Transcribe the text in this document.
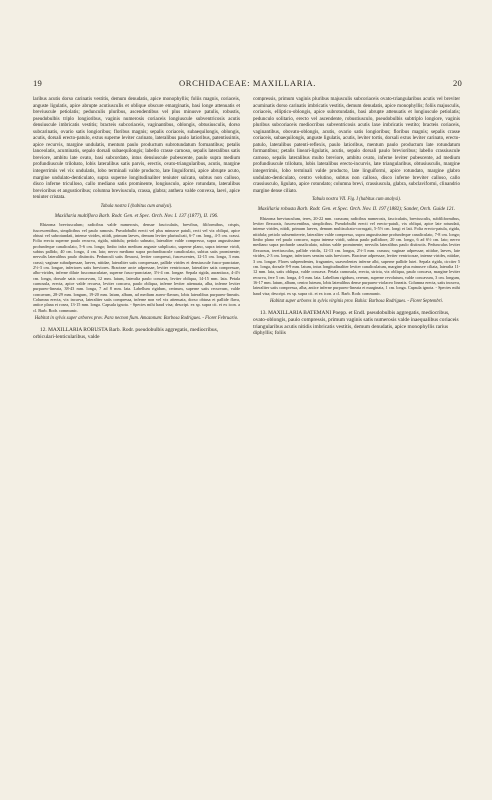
19	ORCHIDACEAE: MAXILLARIA.	20

laribus acutis dorso carinatis vestitis, demum denudatis, apice monophyllis; foliis magnis, coriaceis, anguste ligulatis, apice abrupte acutiuscuIis et oblique obscure emarginatis, basi longe attenuatis et breviuscule petiolatis; pedunculis pluribus, ascendentibus vel plus minusve patulis, robustis, pseudobulbis triplo longioribus, vaginis numerosis coriaceis longiuscule subventricosis acutis densiuscule imbricatis vestitis; bracteis subcoriaceis, vaginantibus, oblongis, obtusiusculis, dorso subcarinatis, ovario satis longioribus; floribus magnis; sepalis coriaceis, subaequilongis, oblongis, acutis, dorsali erecto-patulo, extus superne leviter carinato, lateralibus paulo latioribus, patentissimis, apice recurvis, margine undulatis, mentum paulo productum subrotundatum formantibus; petalis lanceolatis, acuminatis, sepalo dorsali subaequilongis; labello crasse carnoso, sepalis lateralibus satis breviore, ambitu late ovato, basi subcordato, intus densiuscule pubescente, paulo supra medium profundiuscule trilobato, lobis lateralibus satis parvis, erectis, ovato-triangularibus, acutis, margine integerrimis vel vix undulatis, lobo terminali valde producto, late linguiformi, apice abrupte acuto, margine undulato-denticulato, supra superne longitudinaliter teniuter sulcato, subtus non calloso, disco inferne triculloso, callo mediano satis prominente, longiusculo, apice rotundato, lateralibus brevioribus et angustioribus; columna breviuscula, crassa, glabra; anthera valde convexa, laevi, apice teniuter cristata.

Tabula nostra I (habitus cum analysi).

Maxillaria multiflora Barb. Rodr. Gen. et Spec. Orch. Nov. I. 137 (1877), II. 196.

Rhizoma breviusculum; radicibus valde numerosis, densae fasciculatis, brevibus, filiformibus, crispis, fuscescentibus, simplicibus vel paulo ramosis. Pseudobulbi erecti vel plus minusve patuli, recti vel vix obliqui, apice obtusi vel subrotundati, intense virides, nitidi, primum laeves, demum leviter plurisulcati, 6-7 cm. long., 4-5 cm. crassi. Folia erecta superne paulo recurva, rigida, nitidula; petiolo subnato, lateraliter valde compresso, supra angustissime profundeque canaliculato, 5-6 cm. longo; limbo infra medium anguste subplicato, superne plano, supra intense viridi, subtus pallido, 40 cm. longo, 4 cm. lato; nervo mediano supra profundiuscule canaliculato, subtus satis prominente; nervulis lateralibus paulo distinctis. Pedunculi satis flexuosi, leviter compressi, fuscescentes, 12-15 cm. longa, 3 mm. crassi; vaginae subadpressae, laeves, nitidae, lateraliter satis compressae, pallide virides et densiuscule fusco-punctatae, 2½-3 cm. longae, inferiores satis breviores. Bracteae arcte adpressae, leviter ventricosae, lateraliter satis compressae, albo-virides, inferne dilute fuscomaculatae, superne fusco-punctatae, 3½-4 cm. longae. Sepala rigida, aurantiaca, 4-4½ cm. longa, dorsale satis concavum, 12 mm. latum, lateralia paulo concava, leviter obliqua, 14-15 mm. lata. Petala carnosula, erecta, apice valde recurva, leviter concava, paulo obliqua, inferne leviter attenuata, alba, inferne leviter purpureo-lineata, 38-43 mm. longa, 7 ad 8 mm. lata. Labellum rigidum, cerinum, superne satis recurvum, valde concavum, 28-29 mm. longum, 19-20 mm. latum, album, ad medium aureo-flavum, lobis lateralibus purpureo-lineatis. Columna erecta, vix incurva, lateraliter satis compressa, inferne non vel vix attenuata, dorso obtusa et pallide flava, antice plana et rosea, 13-15 mm. longa. Capsula ignota. - Species mihi haud visa; descript. ex sp. supra cit. et ex icon. a cl. Barb. Rodr. communic.

Habitat in sylvis super arbores prov. Para necnon fium. Amazonum: Barbosa Rodrigues. - Floret Februario.

12. MAXILLARIA ROBUSTA Barb. Rodr. pseudobulbis aggregatis, mediocribus, orbiculari-lenticularibus, valde

compressis, primum vaginis pluribus majusculis subcoriaceis ovato-triangularibus acutis vel breviter acuminatis dorso carinatis imbricatis vestitis, demum denudatis, apice monophyllis; foliis majusculis, coriaceis, elliptico-oblongis, apice subrotundatis, basi abrupte attenuatis et longiuscule petiolatis; pedunculo solitario, erecto vel ascendente, robustiusculo, pseudobulbis subtriplo longiore, vaginis pluribus subcoriaceis mediocribus subventricosis acutis laxe imbricatis vestito; bracteis coriaceis, vaginantibus, obovato-oblongis, acutis, ovario satis longioribus; floribus magnis; sepalis crasse coriaceis, subaequilongis, anguste ligulatis, acutis, leviter tortis, dorsali extus leviter carinato, erecto-patulo, lateralibus patenti-reflexis, paulo latioribus, mentum paulo productum late rotundatum formantibus; petalis lineari-ligulatis, acutis, sepalo dorsali paulo brevioribus; labello crassiuscule carnoso, sepalis lateralibus multo breviore, ambitu ovato, inferne leviter pubescente, ad medium profundiuscule trilobato, lobis lateralibus erecto-incurvis, late triangularibus, obtusiusculis, margine integerrimis, lobo terminali valde producto, late linguiformi, apice rotundato, margine glabro undulato-denticulato, centro velutino, subtus non calloso, disco inferne breviter calloso, callo crassiusculo, ligulato, apice rotundato; columna brevi, crassiuscula, glabra, subclaviformi, clinandrio margine dense ciliato.

Tabula nostra VII. Fig. I (habitus cum analysi).

Maxillaria robusta Barb. Rodr. Gen. et Spec. Orch. Nov. II. 197 (1882); Sander, Orch. Guide 121.

Rhizoma breviusculum, teres, 20-22 mm. crassum; radicibus numerosis, fasciculatis, breviusculis, subfiliformibus, leviter flexuosis, fuscescentibus, simplicibus. Pseudobulbi erecti vel erecto-patuli, vix obliqui, apice late rotundati, intense virides, nitidi, primum laeves, demum multisulcato-corrugati, 5-5½ cm. longi et lati. Folia erecto-patula, rigida, nitidula; petiolo subsemiterete, lateraliter valde compresso, supra angustissime profundeque canaliculato, 7-8 cm. longo; limbo plano vel paulo concavo, supra intense viridi, subtus paulo pallidiore, 20 cm. longo, 6 ad 6½ cm. lato; nervo mediano supra profunde canaliculato, subtus valde prominente; nervulis lateralibus paulo distinctis. Pedunculus leviter flexuosus, teretiusculus, pallide viridis, 12-13 cm. longus, 2½-3 mm. crassus; vaginae adpressae, nitidae, laeves, late virides, 2-3 cm. longae, inferiores sensim satis breviores. Bracteae adpressae, leviter ventricosae, intense virides, nitidae, 3 cm. longae. Flores subpendentes, fragrantes, suaveolentes inferne albi, superne pallide lutei. Sepala rigida, circiter 5 cm. longa, dorsale 8-9 mm. latum, intus longitudinaliter leviter canaliculatum, margine plus minusve ciliata, lateralia 11-12 mm. lata, satis obliqua, valde concava. Petala carnosula, erecta, stricta, vix obliqua, paulo concava, margine leviter recurva, fere 5 cm. longa, 4-5 mm. lata. Labellum rigidum, cereum, superne revolutum, valde concavum, 3 cm. longum, 16-17 mm. latum, album, centro luteum, lobis lateralibus dense purpureo-violaceo lineatis. Columna erecta, satis incurva, lateraliter satis compressa, alba, antice inferne purpureo-lineata et marginata, 1 cm. longa. Capsula ignota. - Species mihi haud visa; descript. ex sp. supra cit. et ex icon. a cl. Barb. Rodr. communic.

Habitat super arbores in sylvis virginis prov. Bahia: Barbosa Rodrigues. - Floret Septembri.

13. MAXILLARIA BATEMANI Poepp. et Endl. pseudobulbis aggregatis, mediocribus, ovato-oblongis, paulo compressis, primum vaginis satis numerosis valde inaequalibus coriaceis triangularibus acutis nitidis imbricatis vestitis, demum denudatis, apice monophyllis rarius diphyllis; foliis
